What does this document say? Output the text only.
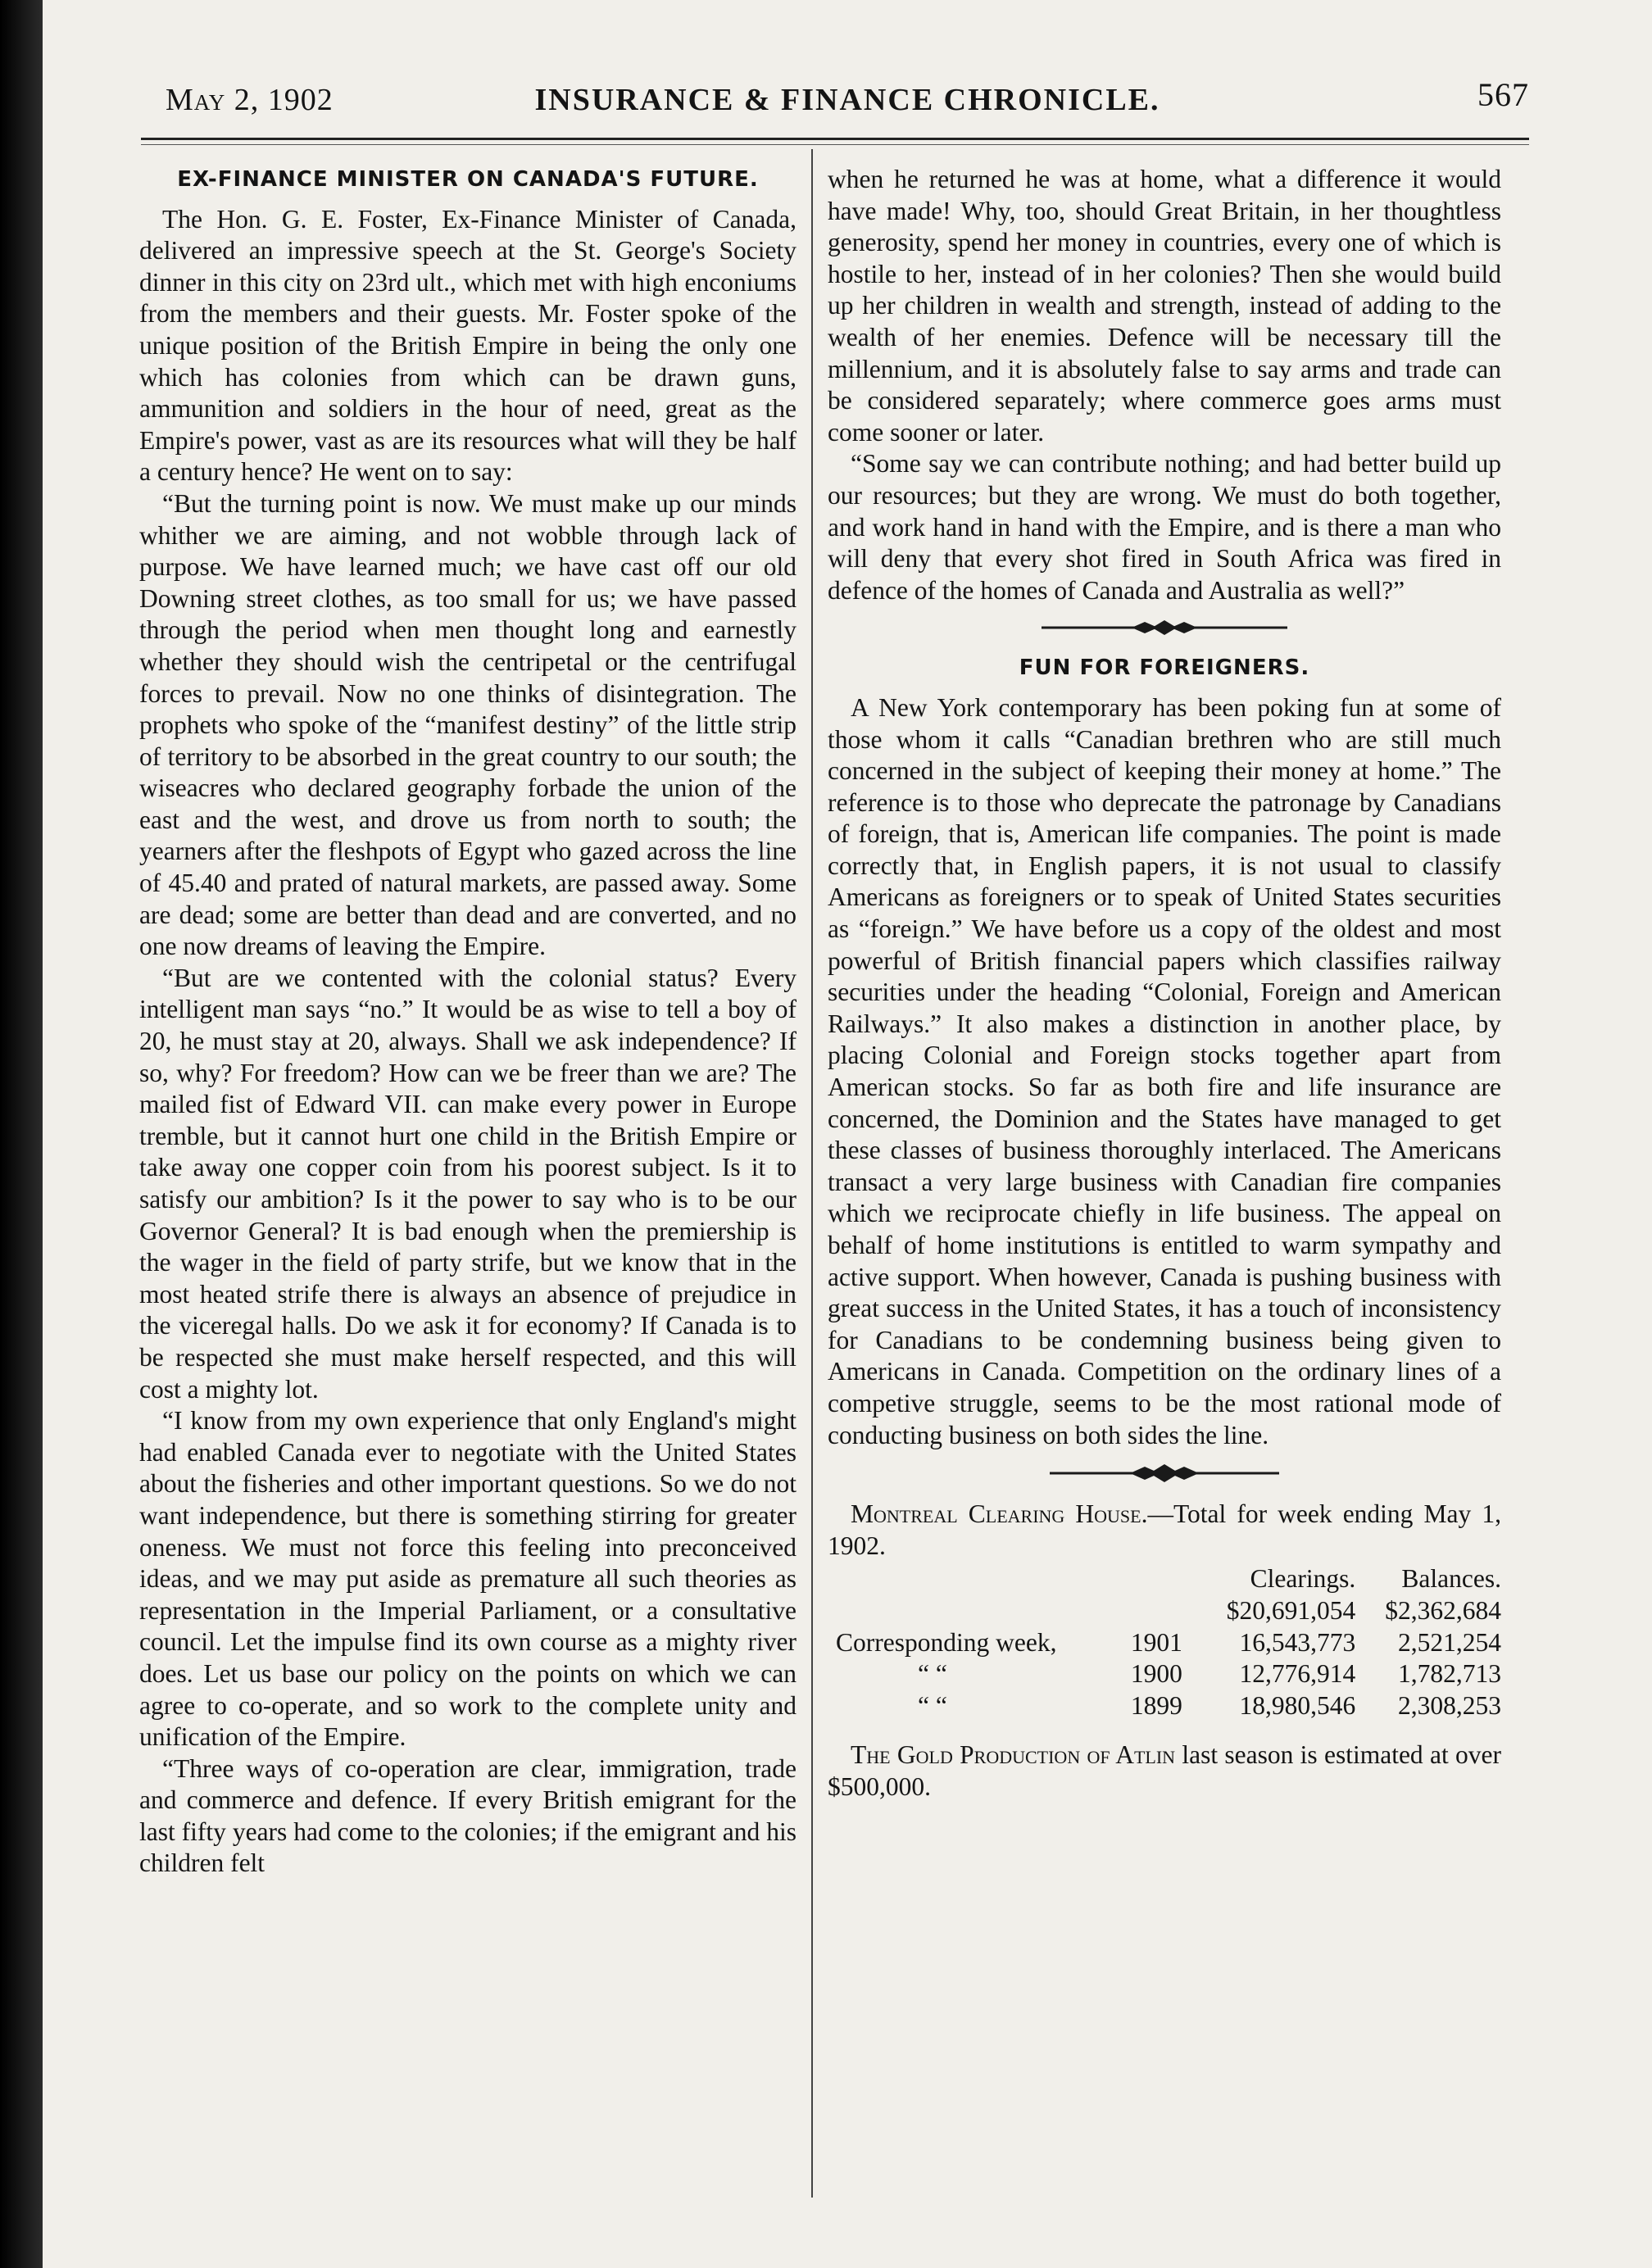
May 2, 1902	INSURANCE & FINANCE CHRONICLE.	567
EX-FINANCE MINISTER ON CANADA'S FUTURE.

The Hon. G. E. Foster, Ex-Finance Minister of Canada, delivered an impressive speech at the St. George's Society dinner in this city on 23rd ult., which met with high enconiums from the members and their guests. Mr. Foster spoke of the unique position of the British Empire in being the only one which has colonies from which can be drawn guns, ammunition and soldiers in the hour of need, great as the Empire's power, vast as are its resources what will they be half a century hence? He went on to say:

“But the turning point is now. We must make up our minds whither we are aiming, and not wobble through lack of purpose. We have learned much; we have cast off our old Downing street clothes, as too small for us; we have passed through the period when men thought long and earnestly whether they should wish the centripetal or the centrifugal forces to prevail. Now no one thinks of disintegration. The prophets who spoke of the “manifest destiny” of the little strip of territory to be absorbed in the great country to our south; the wiseacres who declared geography forbade the union of the east and the west, and drove us from north to south; the yearners after the fleshpots of Egypt who gazed across the line of 45.40 and prated of natural markets, are passed away. Some are dead; some are better than dead and are converted, and no one now dreams of leaving the Empire.

“But are we contented with the colonial status? Every intelligent man says “no.” It would be as wise to tell a boy of 20, he must stay at 20, always. Shall we ask independence? If so, why? For freedom? How can we be freer than we are? The mailed fist of Edward VII. can make every power in Europe tremble, but it cannot hurt one child in the British Empire or take away one copper coin from his poorest subject. Is it to satisfy our ambition? Is it the power to say who is to be our Governor General? It is bad enough when the premiership is the wager in the field of party strife, but we know that in the most heated strife there is always an absence of prejudice in the viceregal halls. Do we ask it for economy? If Canada is to be respected she must make herself respected, and this will cost a mighty lot.

“I know from my own experience that only England's might had enabled Canada ever to negotiate with the United States about the fisheries and other important questions. So we do not want independence, but there is something stirring for greater oneness. We must not force this feeling into preconceived ideas, and we may put aside as premature all such theories as representation in the Imperial Parliament, or a consultative council. Let the impulse find its own course as a mighty river does. Let us base our policy on the points on which we can agree to co-operate, and so work to the complete unity and unification of the Empire.

“Three ways of co-operation are clear, immigration, trade and commerce and defence. If every British emigrant for the last fifty years had come to the colonies; if the emigrant and his children felt

when he returned he was at home, what a difference it would have made! Why, too, should Great Britain, in her thoughtless generosity, spend her money in countries, every one of which is hostile to her, instead of in her colonies? Then she would build up her children in wealth and strength, instead of adding to the wealth of her enemies. Defence will be necessary till the millennium, and it is absolutely false to say arms and trade can be considered separately; where commerce goes arms must come sooner or later.

“Some say we can contribute nothing; and had better build up our resources; but they are wrong. We must do both together, and work hand in hand with the Empire, and is there a man who will deny that every shot fired in South Africa was fired in defence of the homes of Canada and Australia as well?”

FUN FOR FOREIGNERS.

A New York contemporary has been poking fun at some of those whom it calls “Canadian brethren who are still much concerned in the subject of keeping their money at home.” The reference is to those who deprecate the patronage by Canadians of foreign, that is, American life companies. The point is made correctly that, in English papers, it is not usual to classify Americans as foreigners or to speak of United States securities as “foreign.” We have before us a copy of the oldest and most powerful of British financial papers which classifies railway securities under the heading “Colonial, Foreign and American Railways.” It also makes a distinction in another place, by placing Colonial and Foreign stocks together apart from American stocks. So far as both fire and life insurance are concerned, the Dominion and the States have managed to get these classes of business thoroughly interlaced. The Americans transact a very large business with Canadian fire companies which we reciprocate chiefly in life business. The appeal on behalf of home institutions is entitled to warm sympathy and active support. When however, Canada is pushing business with great success in the United States, it has a touch of inconsistency for Canadians to be condemning business being given to Americans in Canada. Competition on the ordinary lines of a competive struggle, seems to be the most rational mode of conducting business on both sides the line.

Montreal Clearing House.—Total for week ending May 1, 1902.

		Clearings.	Balances.
		$20,691,054	$2,362,684
Corresponding week,	1901	16,543,773	2,521,254
“ “	1900	12,776,914	1,782,713
“ “	1899	18,980,546	2,308,253

The Gold Production of Atlin last season is estimated at over $500,000.
